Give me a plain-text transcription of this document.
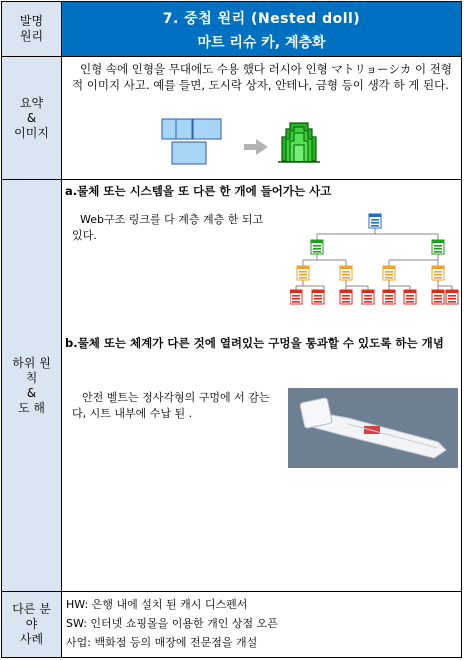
발명
원리
7. 중첩 원리 (Nested doll)
마트 리슈 카, 계층화
요약
&
이미지
인형 속에 인형을 무대에도 수용 했다 러시아 인형 マトリョーシカ 이 전형적 이미지 사고. 예를 들면, 도시락 상자, 안테나, 금형 등이 생각 하 게 된다.
하위 원
칙
&
도 해
a.물체 또는 시스템을 또 다른 한 개에 들어가는 사고
Web구조 링크를 다 계층 계층 한 되고있다.
b.물체 또는 체계가 다른 것에 열려있는 구멍을 통과할 수 있도록 하는 개념
안전 벨트는 정사각형의 구멍에 서 감는다, 시트 내부에 수납 된 .
다른 분
야
사례
HW: 은행 내에 설치 된 캐시 디스펜서
SW: 인터넷 쇼핑몰을 이용한 개인 상점 오픈
사업: 백화점 등의 매장에 전문점을 개설
